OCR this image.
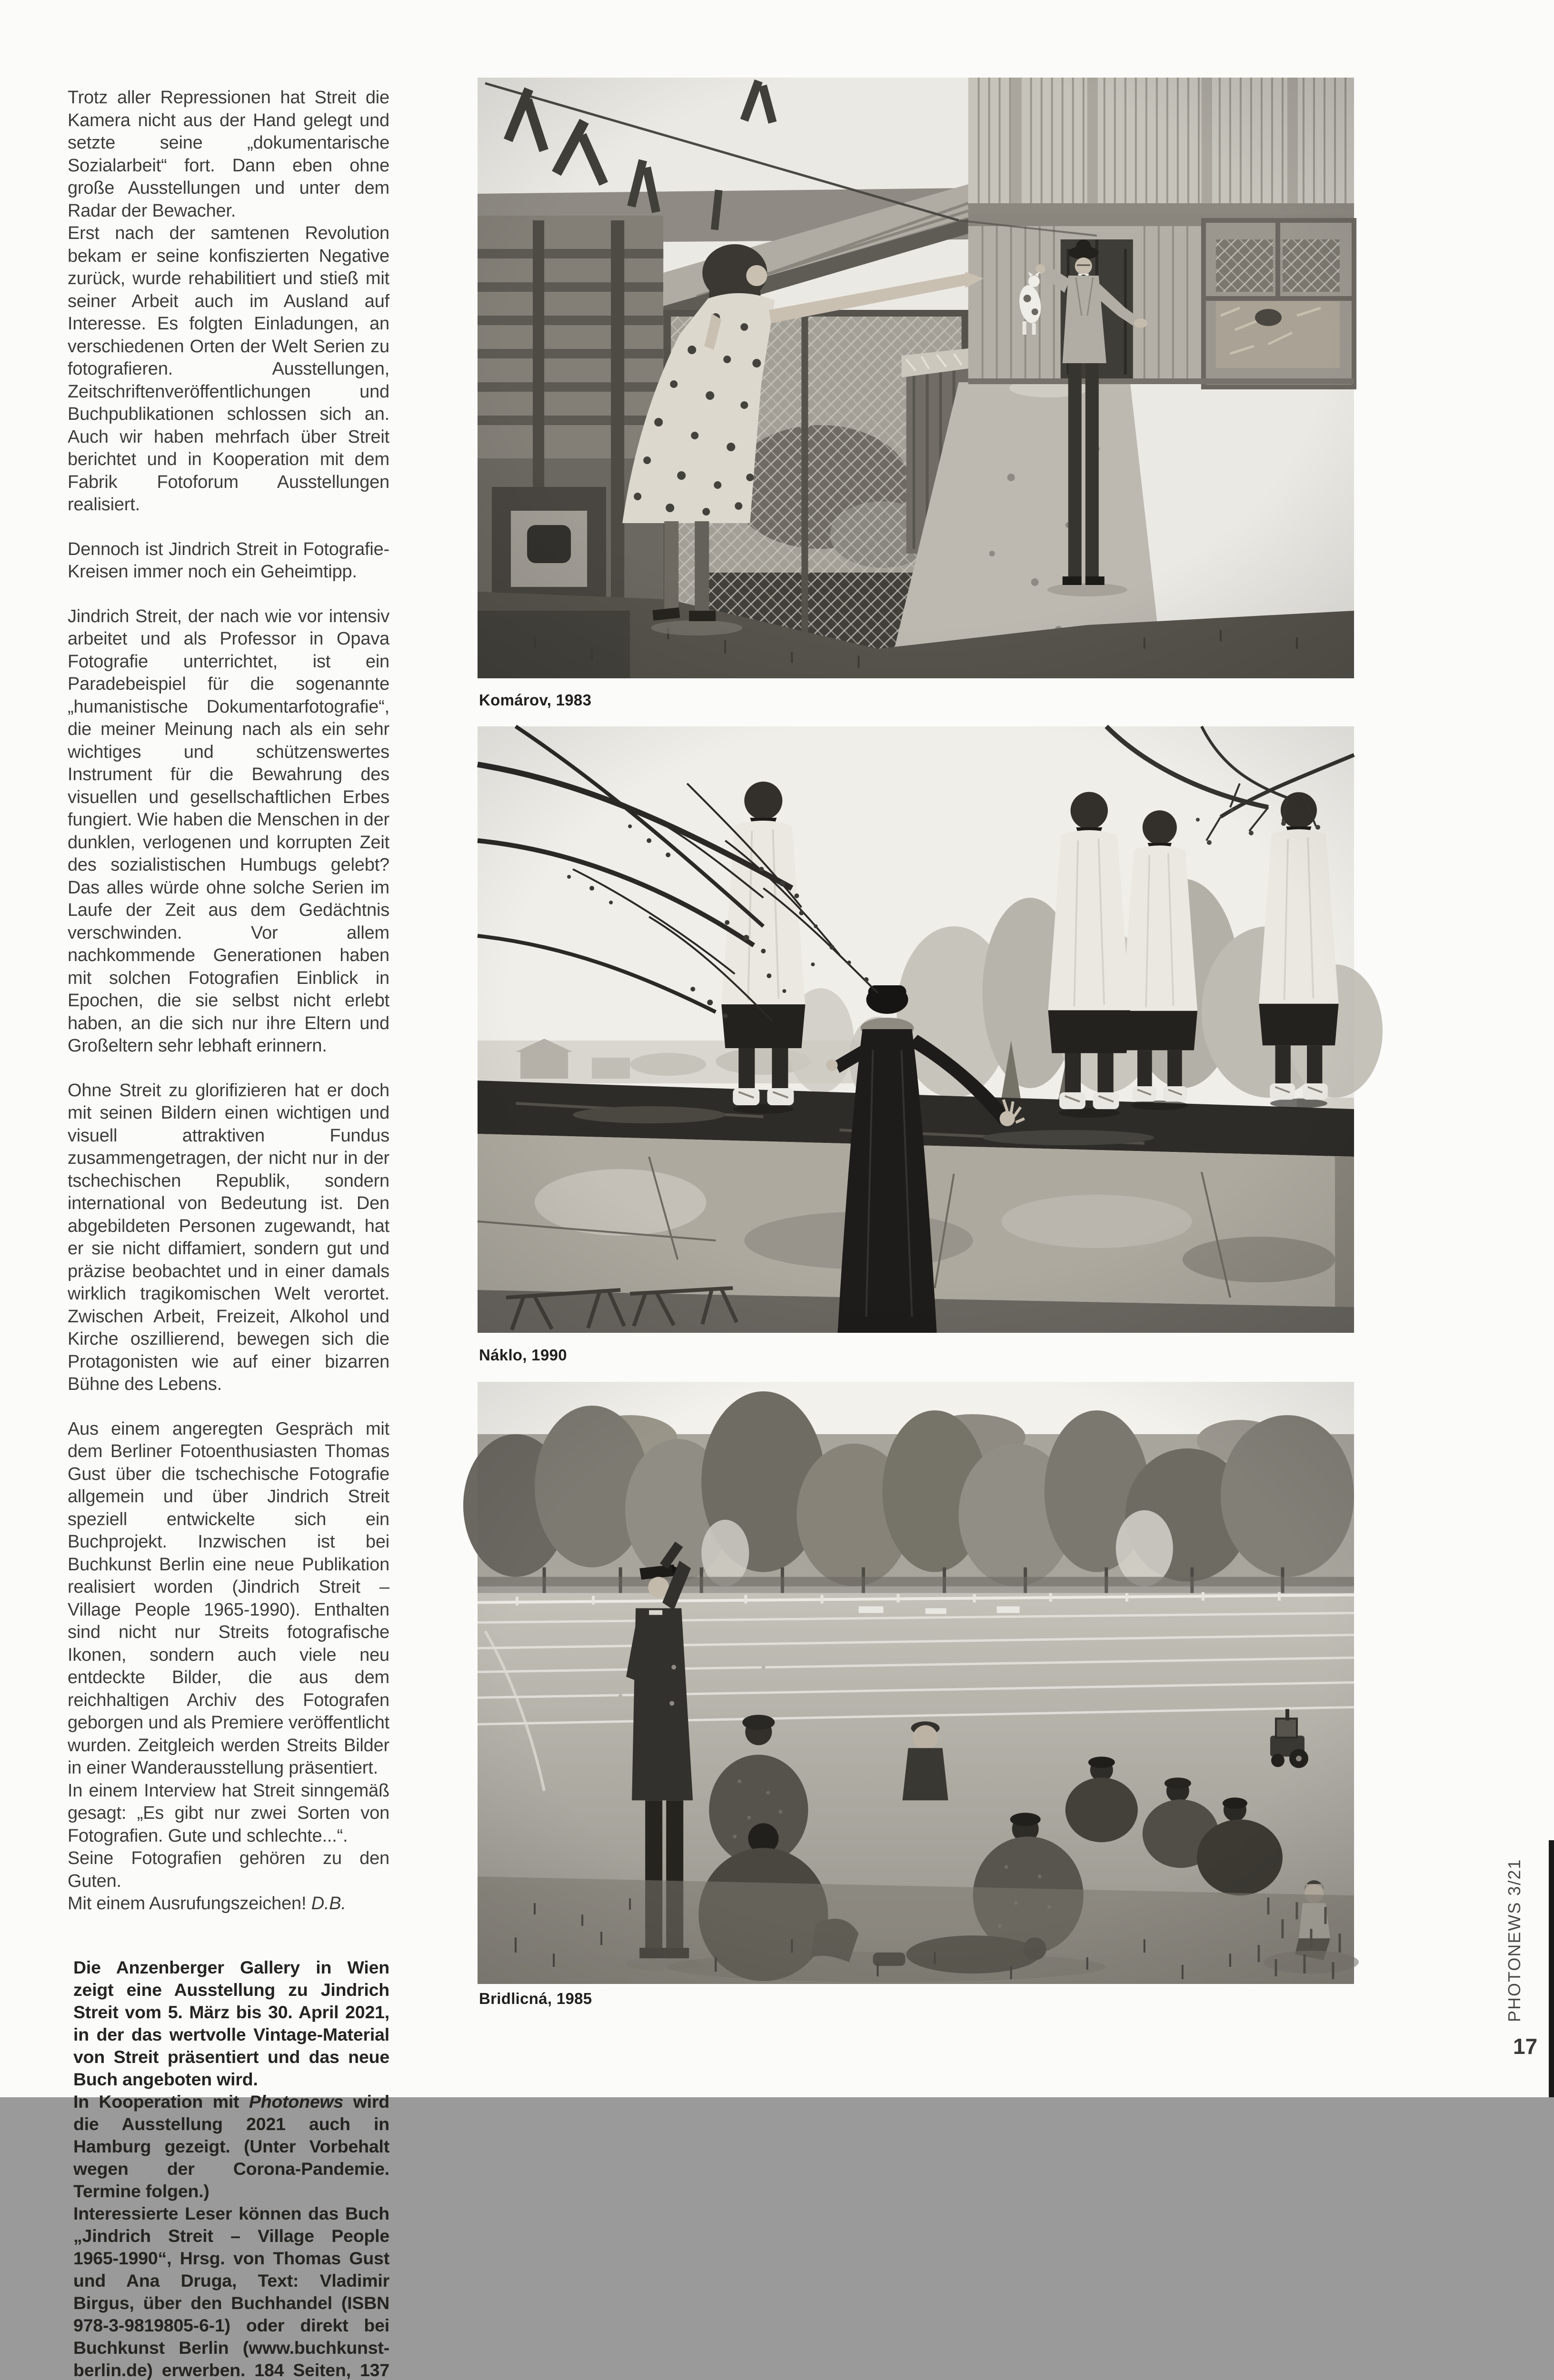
Trotz aller Repressionen hat Streit die Kamera nicht aus der Hand gelegt und setzte seine „dokumentarische Sozialarbeit“ fort. Dann eben ohne große Ausstellungen und unter dem Radar der Bewacher.

Erst nach der samtenen Revolution bekam er seine konfiszierten Negative zurück, wurde rehabilitiert und stieß mit seiner Arbeit auch im Ausland auf Interesse. Es folgten Einladungen, an verschiedenen Orten der Welt Serien zu fotografieren. Ausstellungen, Zeitschriftenveröffentlichungen und Buchpublikationen schlossen sich an. Auch wir haben mehrfach über Streit berichtet und in Kooperation mit dem Fabrik Fotoforum Ausstellungen realisiert.

Dennoch ist Jindrich Streit in Fotografie-Kreisen immer noch ein Geheimtipp.

Jindrich Streit, der nach wie vor intensiv arbeitet und als Professor in Opava Fotografie unterrichtet, ist ein Paradebeispiel für die sogenannte „humanistische Dokumentarfotografie“, die meiner Meinung nach als ein sehr wichtiges und schützenswertes Instrument für die Bewahrung des visuellen und gesellschaftlichen Erbes fungiert. Wie haben die Menschen in der dunklen, verlogenen und korrupten Zeit des sozialistischen Humbugs gelebt? Das alles würde ohne solche Serien im Laufe der Zeit aus dem Gedächtnis verschwinden. Vor allem nachkommende Generationen haben mit solchen Fotografien Einblick in Epochen, die sie selbst nicht erlebt haben, an die sich nur ihre Eltern und Großeltern sehr lebhaft erinnern.

Ohne Streit zu glorifizieren hat er doch mit seinen Bildern einen wichtigen und visuell attraktiven Fundus zusammengetragen, der nicht nur in der tschechischen Republik, sondern international von Bedeutung ist. Den abgebildeten Personen zugewandt, hat er sie nicht diffamiert, sondern gut und präzise beobachtet und in einer damals wirklich tragikomischen Welt verortet. Zwischen Arbeit, Freizeit, Alkohol und Kirche oszillierend, bewegen sich die Protagonisten wie auf einer bizarren Bühne des Lebens.

Aus einem angeregten Gespräch mit dem Berliner Fotoenthusiasten Thomas Gust über die tschechische Fotografie allgemein und über Jindrich Streit speziell entwickelte sich ein Buchprojekt. Inzwischen ist bei Buchkunst Berlin eine neue Publikation realisiert worden (Jindrich Streit – Village People 1965-1990). Enthalten sind nicht nur Streits fotografische Ikonen, sondern auch viele neu entdeckte Bilder, die aus dem reichhaltigen Archiv des Fotografen geborgen und als Premiere veröffentlicht wurden. Zeitgleich werden Streits Bilder in einer Wanderausstellung präsentiert.

In einem Interview hat Streit sinngemäß gesagt: „Es gibt nur zwei Sorten von Fotografien. Gute und schlechte...“.

Seine Fotografien gehören zu den Guten.

Mit einem Ausrufungszeichen! D.B.

Die Anzenberger Gallery in Wien zeigt eine Ausstellung zu Jindrich Streit vom 5. März bis 30. April 2021, in der das wertvolle Vintage-Material von Streit präsentiert und das neue Buch angeboten wird.

In Kooperation mit Photonews wird die Ausstellung 2021 auch in Hamburg gezeigt. (Unter Vorbehalt wegen der Corona-Pandemie. Termine folgen.)

Interessierte Leser können das Buch „Jindrich Streit – Village People 1965-1990“, Hrsg. von Thomas Gust und Ana Druga, Text: Vladimir Birgus, über den Buchhandel (ISBN 978-3-9819805-6-1) oder direkt bei Buchkunst Berlin (www.buchkunst-berlin.de) erwerben. 184 Seiten, 137

Komárov, 1983
Náklo, 1990
Bridlicná, 1985	PHOTONEWS 3/21
17
